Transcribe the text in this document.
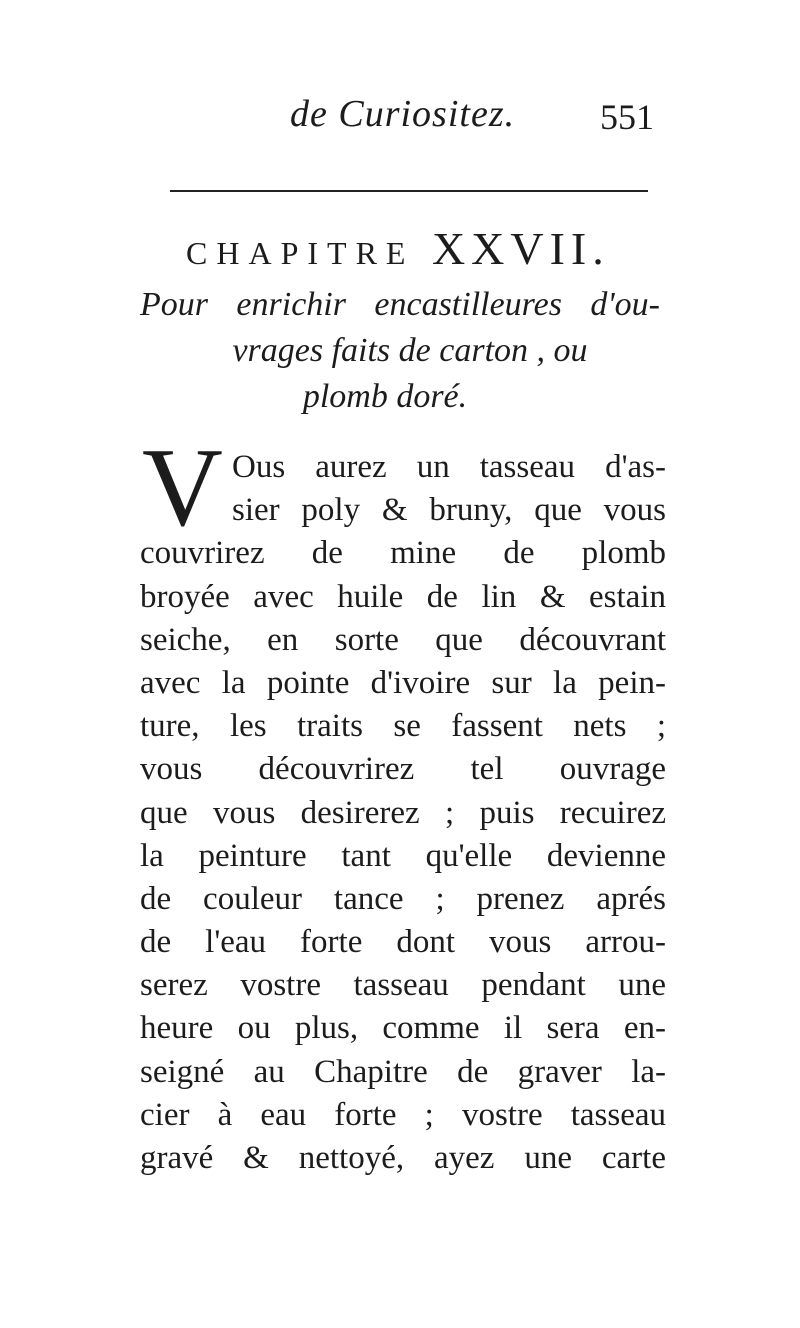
de Curiositez. 551
CHAPITRE XXVII.
Pour enrichir encastilleures d'ou-
vrages faits de carton , ou
plomb doré.
V Ous aurez un tasseau d'as-
sier poly & bruny, que vous
couvrirez de mine de plomb
broyée avec huile de lin & estain
seiche, en sorte que découvrant
avec la pointe d'ivoire sur la pein-
ture, les traits se fassent nets ;
vous découvrirez tel ouvrage
que vous desirerez ; puis recuirez
la peinture tant qu'elle devienne
de couleur tance ; prenez aprés
de l'eau forte dont vous arrou-
serez vostre tasseau pendant une
heure ou plus, comme il sera en-
seigné au Chapitre de graver la-
cier à eau forte ; vostre tasseau
gravé & nettoyé, ayez une carte
